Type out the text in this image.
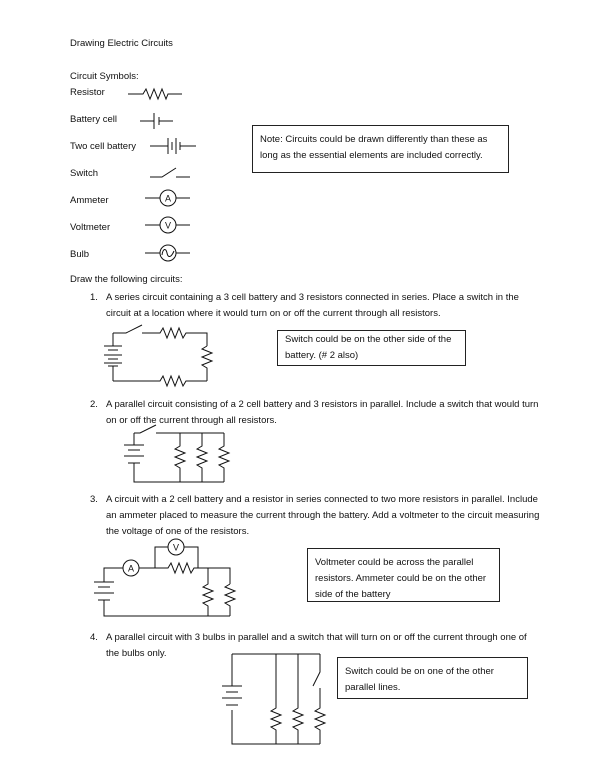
Drawing Electric Circuits
Circuit Symbols:
Resistor
Battery cell
Two cell battery
Switch
Ammeter
Voltmeter
Bulb
A
V
Note: Circuits could be drawn differently than these as long as the essential elements are included correctly.
Draw the following circuits:
1. A series circuit containing a 3 cell battery and 3 resistors connected in series. Place a switch in the circuit at a location where it would turn on or off the current through all resistors.
Switch could be on the other side of the battery. (# 2 also)
2. A parallel circuit consisting of a 2 cell battery and 3 resistors in parallel. Include a switch that would turn on or off the current through all resistors.
3. A circuit with a 2 cell battery and a resistor in series connected to two more resistors in parallel. Include an ammeter placed to measure the current through the battery. Add a voltmeter to the circuit measuring the voltage of one of the resistors.
V
A
Voltmeter could be across the parallel resistors. Ammeter could be on the other side of the battery
4. A parallel circuit with 3 bulbs in parallel and a switch that will turn on or off the current through one of the bulbs only.
Switch could be on one of the other parallel lines.
